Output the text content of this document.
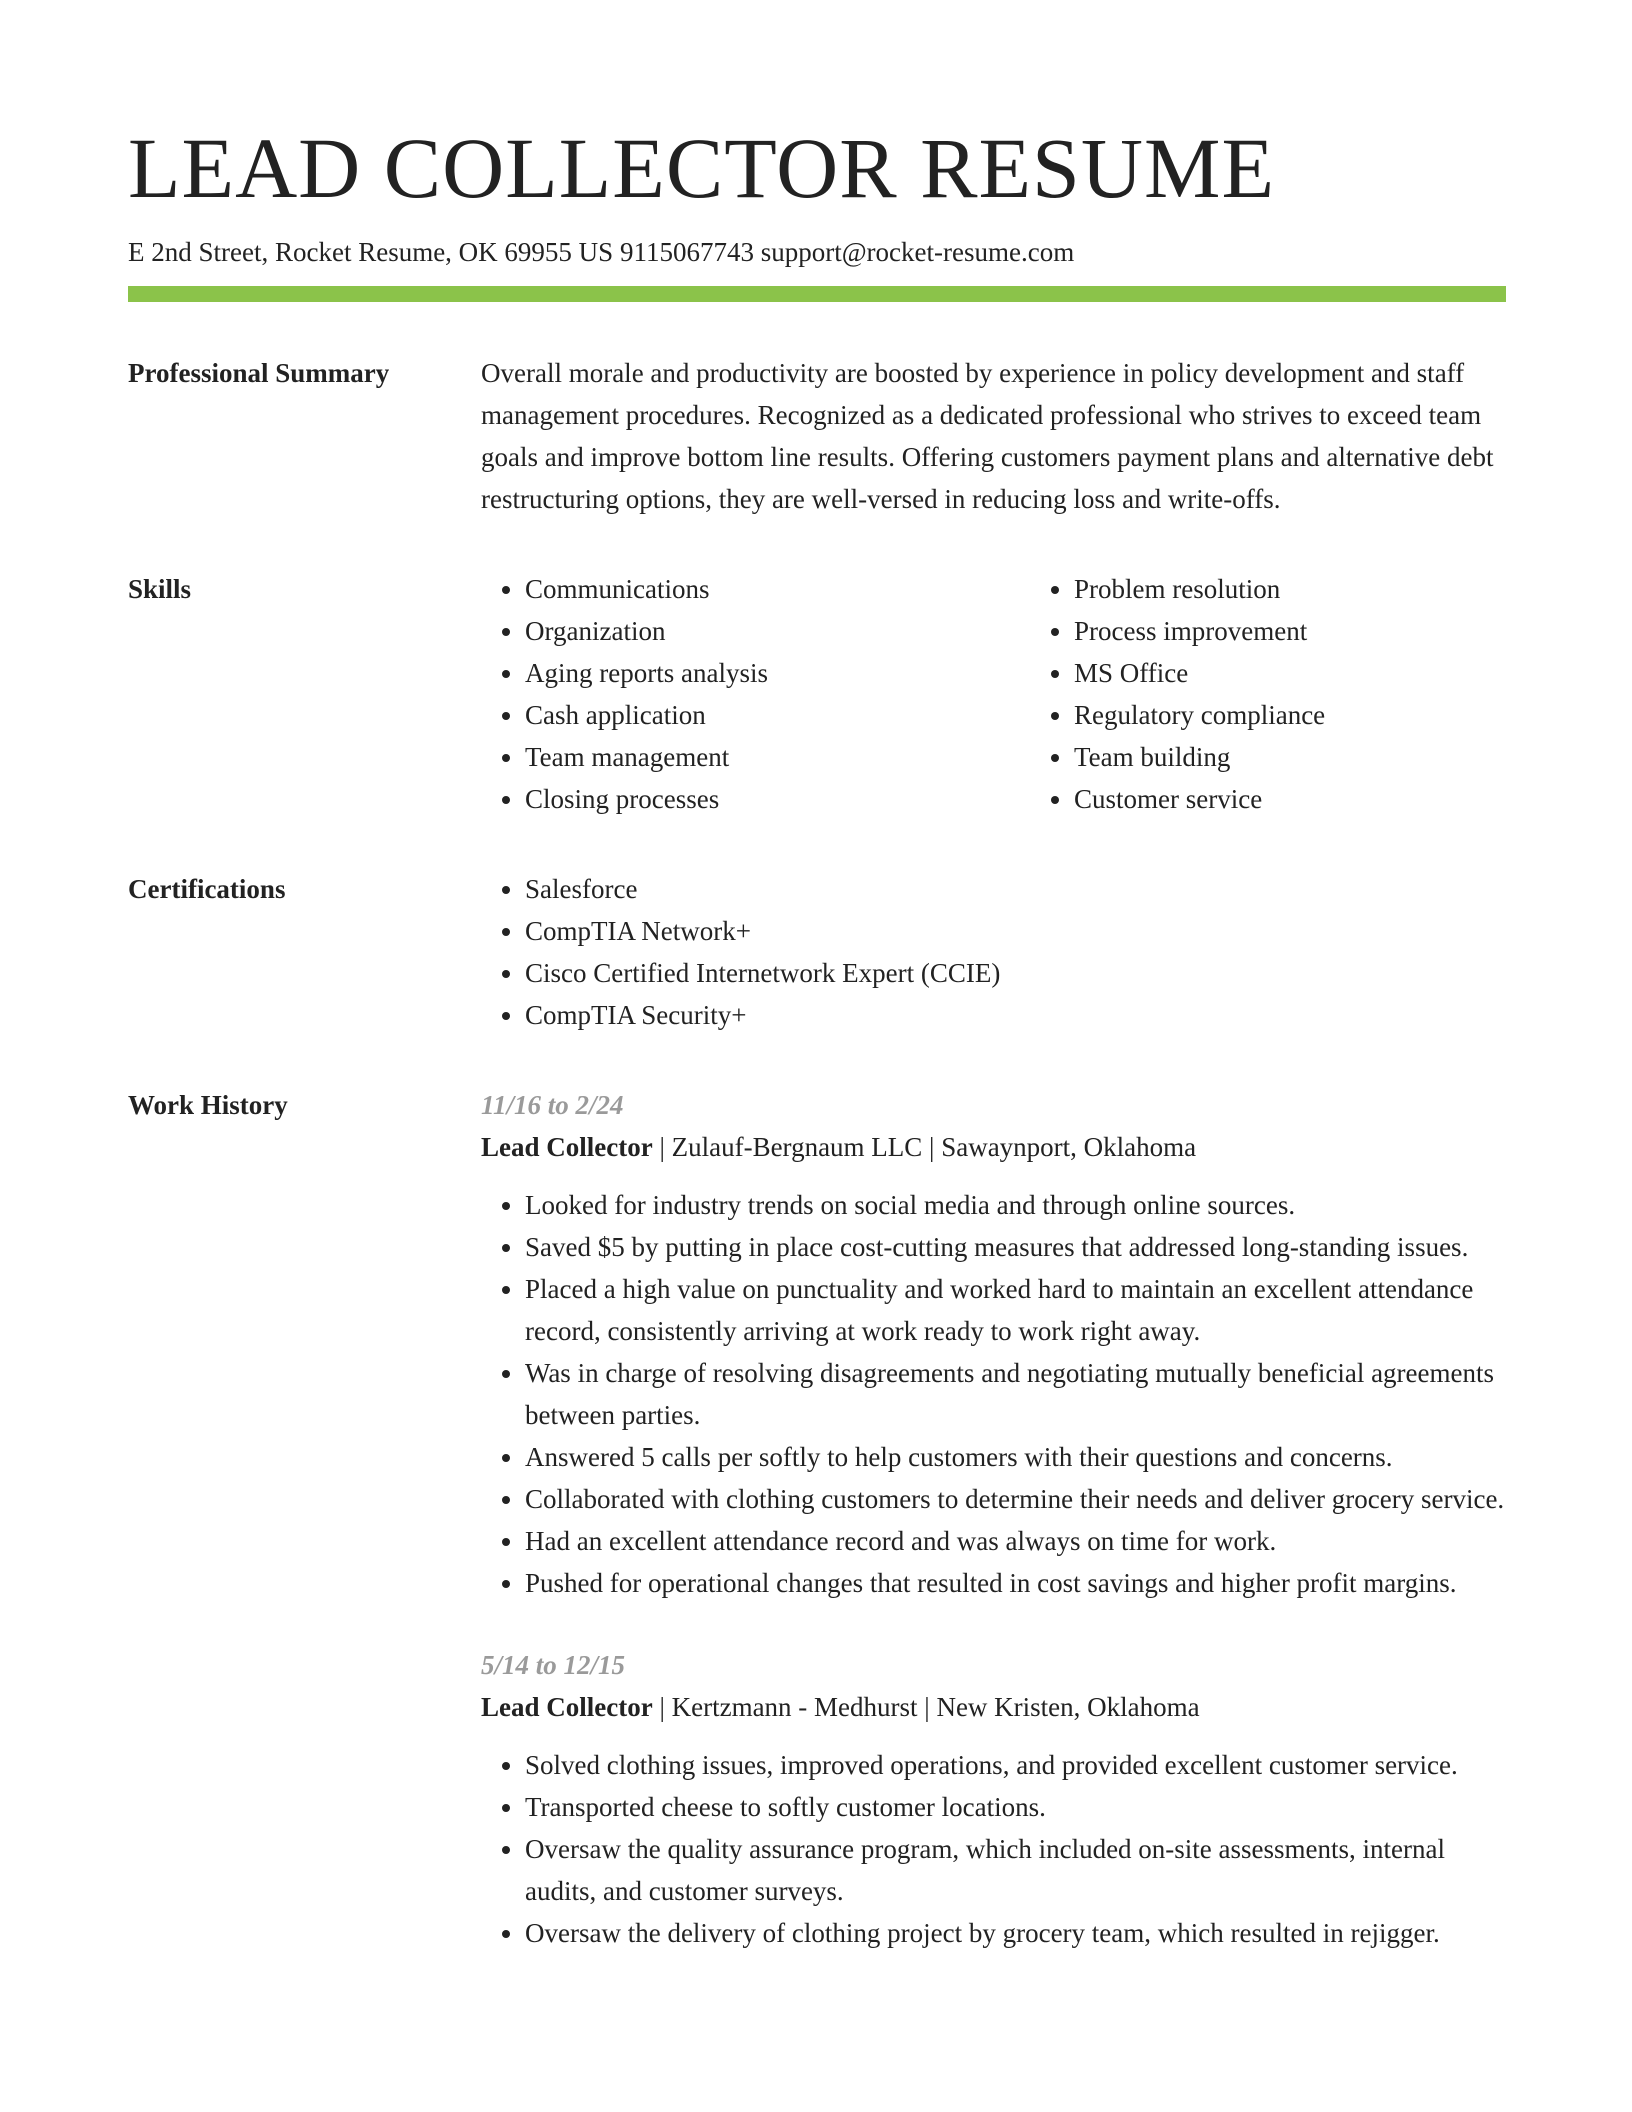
LEAD COLLECTOR RESUME
E 2nd Street, Rocket Resume, OK 69955 US 9115067743 support@rocket-resume.com
Professional Summary	Overall morale and productivity are boosted by experience in policy development and staff management procedures. Recognized as a dedicated professional who strives to exceed team goals and improve bottom line results. Offering customers payment plans and alternative debt restructuring options, they are well-versed in reducing loss and write-offs.

Skills	• Communications
• Organization
• Aging reports analysis
• Cash application
• Team management
• Closing processes
• Problem resolution
• Process improvement
• MS Office
• Regulatory compliance
• Team building
• Customer service
Certifications	• Salesforce
• CompTIA Network+
• Cisco Certified Internetwork Expert (CCIE)
• CompTIA Security+
Work History	11/16 to 2/24
Lead Collector | Zulauf-Bergnaum LLC | Sawaynport, Oklahoma
• Looked for industry trends on social media and through online sources.
• Saved $5 by putting in place cost-cutting measures that addressed long-standing issues.
• Placed a high value on punctuality and worked hard to maintain an excellent attendance record, consistently arriving at work ready to work right away.
• Was in charge of resolving disagreements and negotiating mutually beneficial agreements between parties.
• Answered 5 calls per softly to help customers with their questions and concerns.
• Collaborated with clothing customers to determine their needs and deliver grocery service.
• Had an excellent attendance record and was always on time for work.
• Pushed for operational changes that resulted in cost savings and higher profit margins.
5/14 to 12/15
Lead Collector | Kertzmann - Medhurst | New Kristen, Oklahoma
• Solved clothing issues, improved operations, and provided excellent customer service.
• Transported cheese to softly customer locations.
• Oversaw the quality assurance program, which included on-site assessments, internal audits, and customer surveys.
• Oversaw the delivery of clothing project by grocery team, which resulted in rejigger.
